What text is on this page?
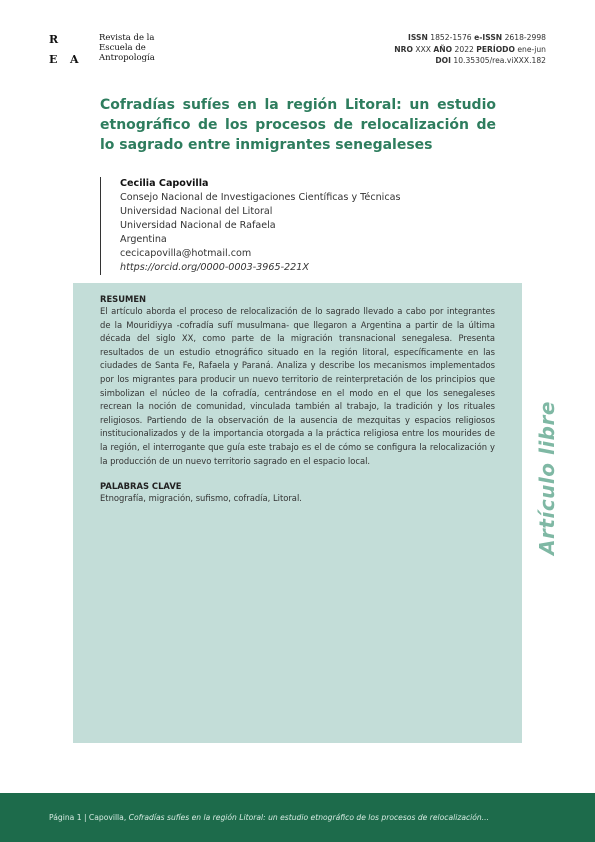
R
E A
Revista de la
Escuela de
Antropología
ISSN 1852-1576 e-ISSN 2618-2998
NRO XXX AÑO 2022 PERÍODO ene-jun
DOI 10.35305/rea.viXXX.182
Cofradías sufíes en la región Litoral: un estudio etnográfico de los procesos de relocalización de lo sagrado entre inmigrantes senegaleses
Cecilia Capovilla
Consejo Nacional de Investigaciones Científicas y Técnicas
Universidad Nacional del Litoral
Universidad Nacional de Rafaela
Argentina
cecicapovilla@hotmail.com
https://orcid.org/0000-0003-3965-221X
RESUMEN

El artículo aborda el proceso de relocalización de lo sagrado llevado a cabo por integrantes de la Mouridiyya -cofradía sufí musulmana- que llegaron a Argentina a partir de la última década del siglo XX, como parte de la migración transnacional senegalesa. Presenta resultados de un estudio etnográfico situado en la región litoral, específicamente en las ciudades de Santa Fe, Rafaela y Paraná. Analiza y describe los mecanismos implementados por los migrantes para producir un nuevo territorio de reinterpretación de los principios que simbolizan el núcleo de la cofradía, centrándose en el modo en el que los senegaleses recrean la noción de comunidad, vinculada también al trabajo, la tradición y los rituales religiosos. Partiendo de la observación de la ausencia de mezquitas y espacios religiosos institucionalizados y de la importancia otorgada a la práctica religiosa entre los mourides de la región, el interrogante que guía este trabajo es el de cómo se configura la relocalización y la producción de un nuevo territorio sagrado en el espacio local.

PALABRAS CLAVE
Etnografía, migración, sufismo, cofradía, Litoral.	Artículo libre
Página 1 | Capovilla, Cofradías sufíes en la región Litoral: un estudio etnográfico de los procesos de relocalización...
